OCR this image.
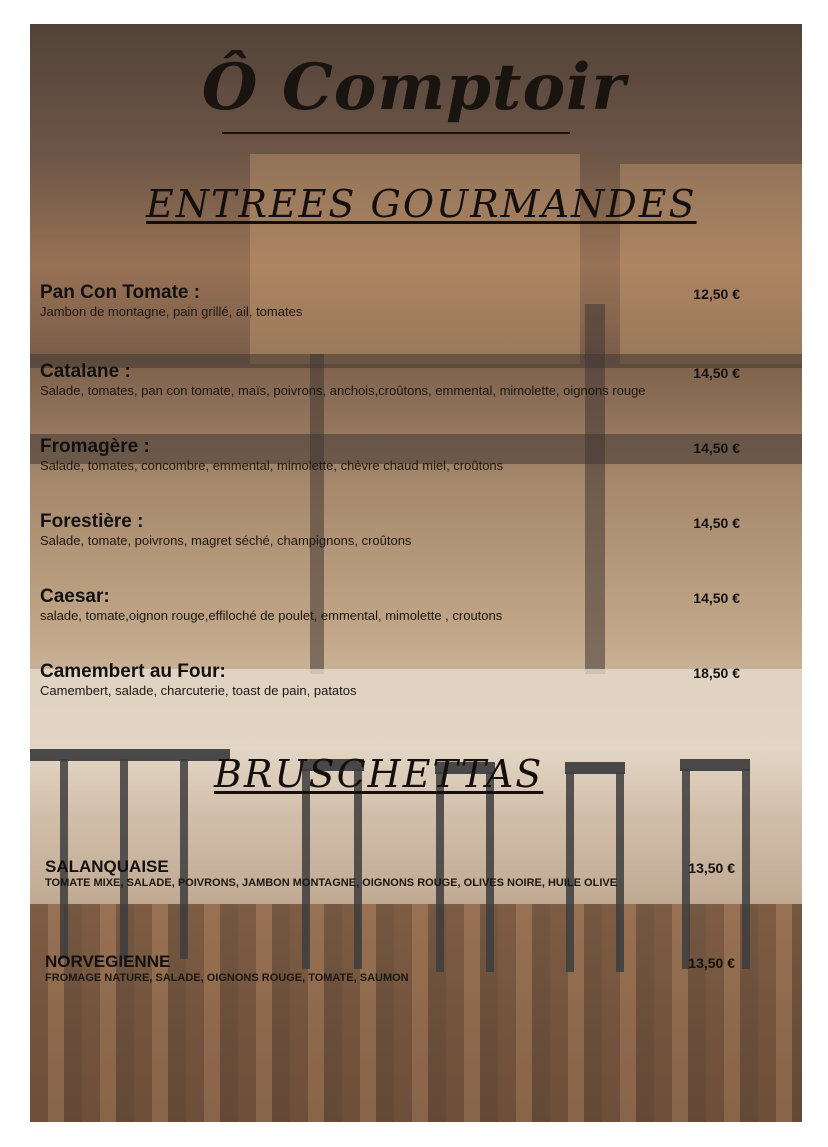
Ô Comptoir
ENTREES GOURMANDES
Pan Con Tomate :
Jambon de montagne, pain grillé, ail, tomates
12,50 €
Catalane :
Salade, tomates, pan con tomate, maïs, poivrons, anchois,croûtons, emmental, mimolette, oignons rouge
14,50 €
Fromagère :
Salade, tomates, concombre, emmental, mimolette, chèvre chaud miel, croûtons
14,50 €
Forestière :
Salade, tomate, poivrons, magret séché, champignons, croûtons
14,50 €
Caesar:
salade, tomate,oignon rouge,effiloché de poulet, emmental, mimolette , croutons
14,50 €
Camembert au Four:
Camembert, salade, charcuterie, toast de pain, patatos
18,50 €
BRUSCHETTAS
SALANQUAISE
TOMATE MIXE, SALADE, POIVRONS, JAMBON MONTAGNE, OIGNONS ROUGE, OLIVES NOIRE, HUILE OLIVE
13,50 €
NORVEGIENNE
FROMAGE NATURE, SALADE, OIGNONS ROUGE, TOMATE, SAUMON
13,50 €
